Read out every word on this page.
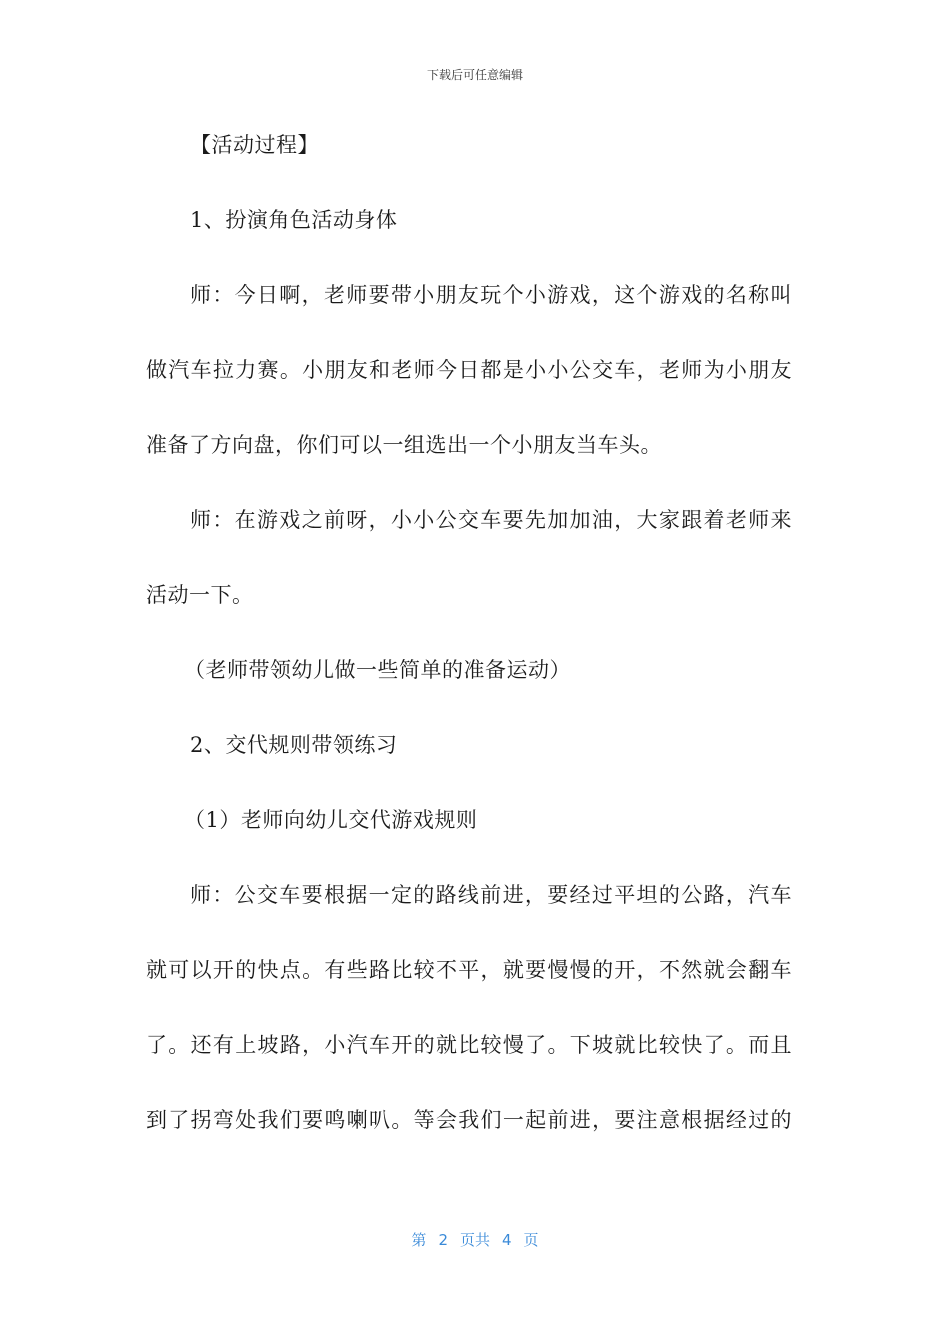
下载后可任意编辑
【活动过程】
1、扮演角色活动身体
师：今日啊，老师要带小朋友玩个小游戏，这个游戏的名称叫
做汽车拉力赛。小朋友和老师今日都是小小公交车，老师为小朋友
准备了方向盘，你们可以一组选出一个小朋友当车头。
师：在游戏之前呀，小小公交车要先加加油，大家跟着老师来
活动一下。
（老师带领幼儿做一些简单的准备运动）
2、交代规则带领练习
（1）老师向幼儿交代游戏规则
师：公交车要根据一定的路线前进，要经过平坦的公路，汽车
就可以开的快点。有些路比较不平，就要慢慢的开，不然就会翻车
了。还有上坡路，小汽车开的就比较慢了。下坡就比较快了。而且
到了拐弯处我们要鸣喇叭。等会我们一起前进，要注意根据经过的
第 2 页共 4 页
